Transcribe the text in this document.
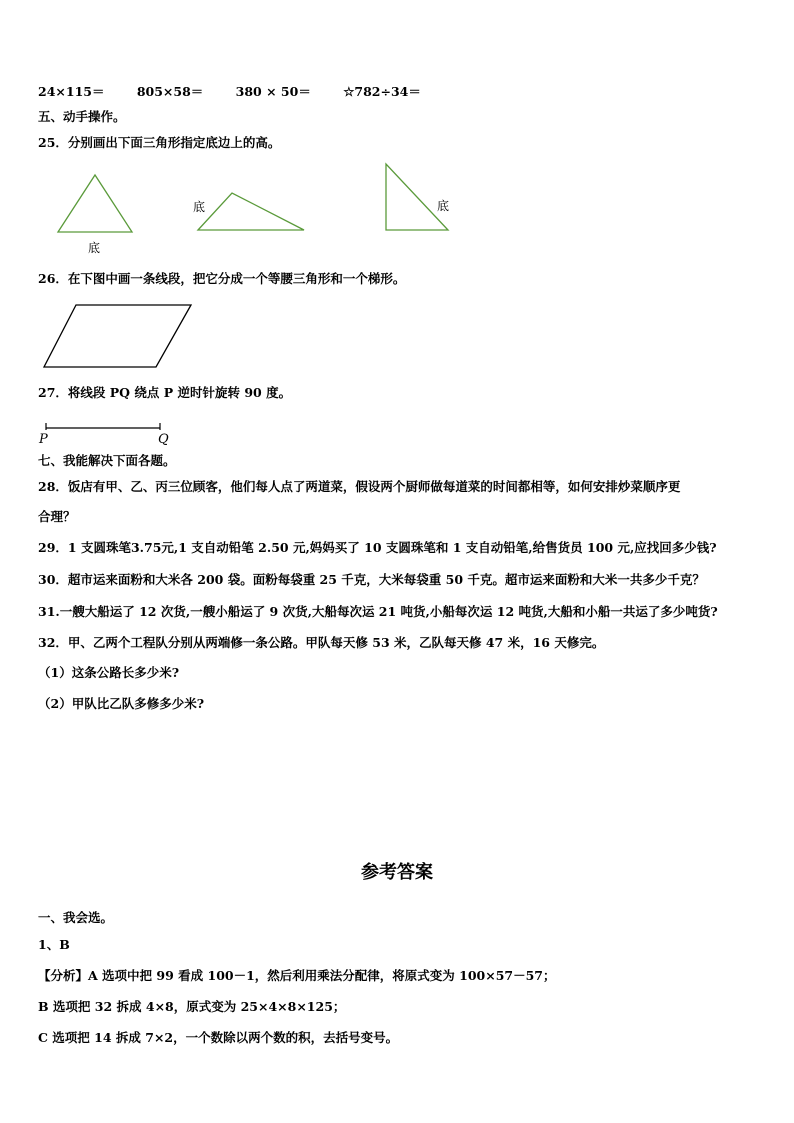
24×115＝	805×58＝	380 × 50＝	☆782÷34＝
五、动手操作。
25．分别画出下面三角形指定底边上的高。
底
底	底
26．在下图中画一条线段，把它分成一个等腰三角形和一个梯形。
27．将线段 PQ 绕点 P 逆时针旋转 90 度。
P	Q
七、我能解决下面各题。
28．饭店有甲、乙、丙三位顾客，他们每人点了两道菜，假设两个厨师做每道菜的时间都相等，如何安排炒菜顺序更
合理？
29．1 支圆珠笔3.75元,1 支自动铅笔 2.50 元,妈妈买了 10 支圆珠笔和 1 支自动铅笔,给售货员 100 元,应找回多少钱?
30．超市运来面粉和大米各 200 袋。面粉每袋重 25 千克，大米每袋重 50 千克。超市运来面粉和大米一共多少千克？
31.一艘大船运了 12 次货,一艘小船运了 9 次货,大船每次运 21 吨货,小船每次运 12 吨货,大船和小船一共运了多少吨货?
32．甲、乙两个工程队分别从两端修一条公路。甲队每天修 53 米，乙队每天修 47 米，16 天修完。
（1）这条公路长多少米?
（2）甲队比乙队多修多少米?
参考答案
一、我会选。
1、B
【分析】A 选项中把 99 看成 100－1，然后利用乘法分配律，将原式变为 100×57－57；
B 选项把 32 拆成 4×8，原式变为 25×4×8×125；
C 选项把 14 拆成 7×2，一个数除以两个数的积，去括号变号。
